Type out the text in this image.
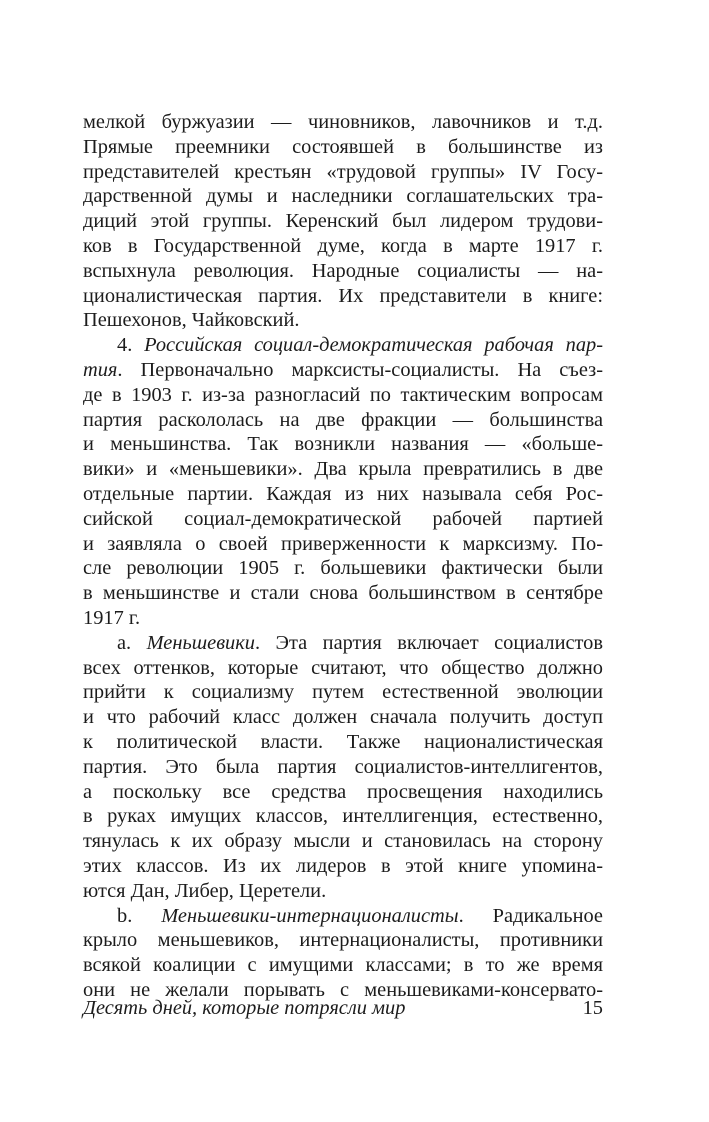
мелкой буржуазии — чиновников, лавочников и т.д.
Прямые преемники состоявшей в большинстве из
представителей крестьян «трудовой группы» IV Госу-
дарственной думы и наследники соглашательских тра-
диций этой группы. Керенский был лидером трудови-
ков в Государственной думе, когда в марте 1917 г.
вспыхнула революция. Народные социалисты — на-
ционалистическая партия. Их представители в книге:
Пешехонов, Чайковский.
4. Российская социал-демократическая рабочая пар-
тия. Первоначально марксисты-социалисты. На съез-
де в 1903 г. из-за разногласий по тактическим вопросам
партия раскололась на две фракции — большинства
и меньшинства. Так возникли названия — «больше-
вики» и «меньшевики». Два крыла превратились в две
отдельные партии. Каждая из них называла себя Рос-
сийской социал-демократической рабочей партией
и заявляла о своей приверженности к марксизму. По-
сле революции 1905 г. большевики фактически были
в меньшинстве и стали снова большинством в сентябре
1917 г.
a. Меньшевики. Эта партия включает социалистов
всех оттенков, которые считают, что общество должно
прийти к социализму путем естественной эволюции
и что рабочий класс должен сначала получить доступ
к политической власти. Также националистическая
партия. Это была партия социалистов-интеллигентов,
а поскольку все средства просвещения находились
в руках имущих классов, интеллигенция, естественно,
тянулась к их образу мысли и становилась на сторону
этих классов. Из их лидеров в этой книге упомина-
ются Дан, Либер, Церетели.
b. Меньшевики-интернационалисты. Радикальное
крыло меньшевиков, интернационалисты, противники
всякой коалиции с имущими классами; в то же время
они не желали порывать с меньшевиками-консервато-
Десять дней, которые потрясли мир	15
